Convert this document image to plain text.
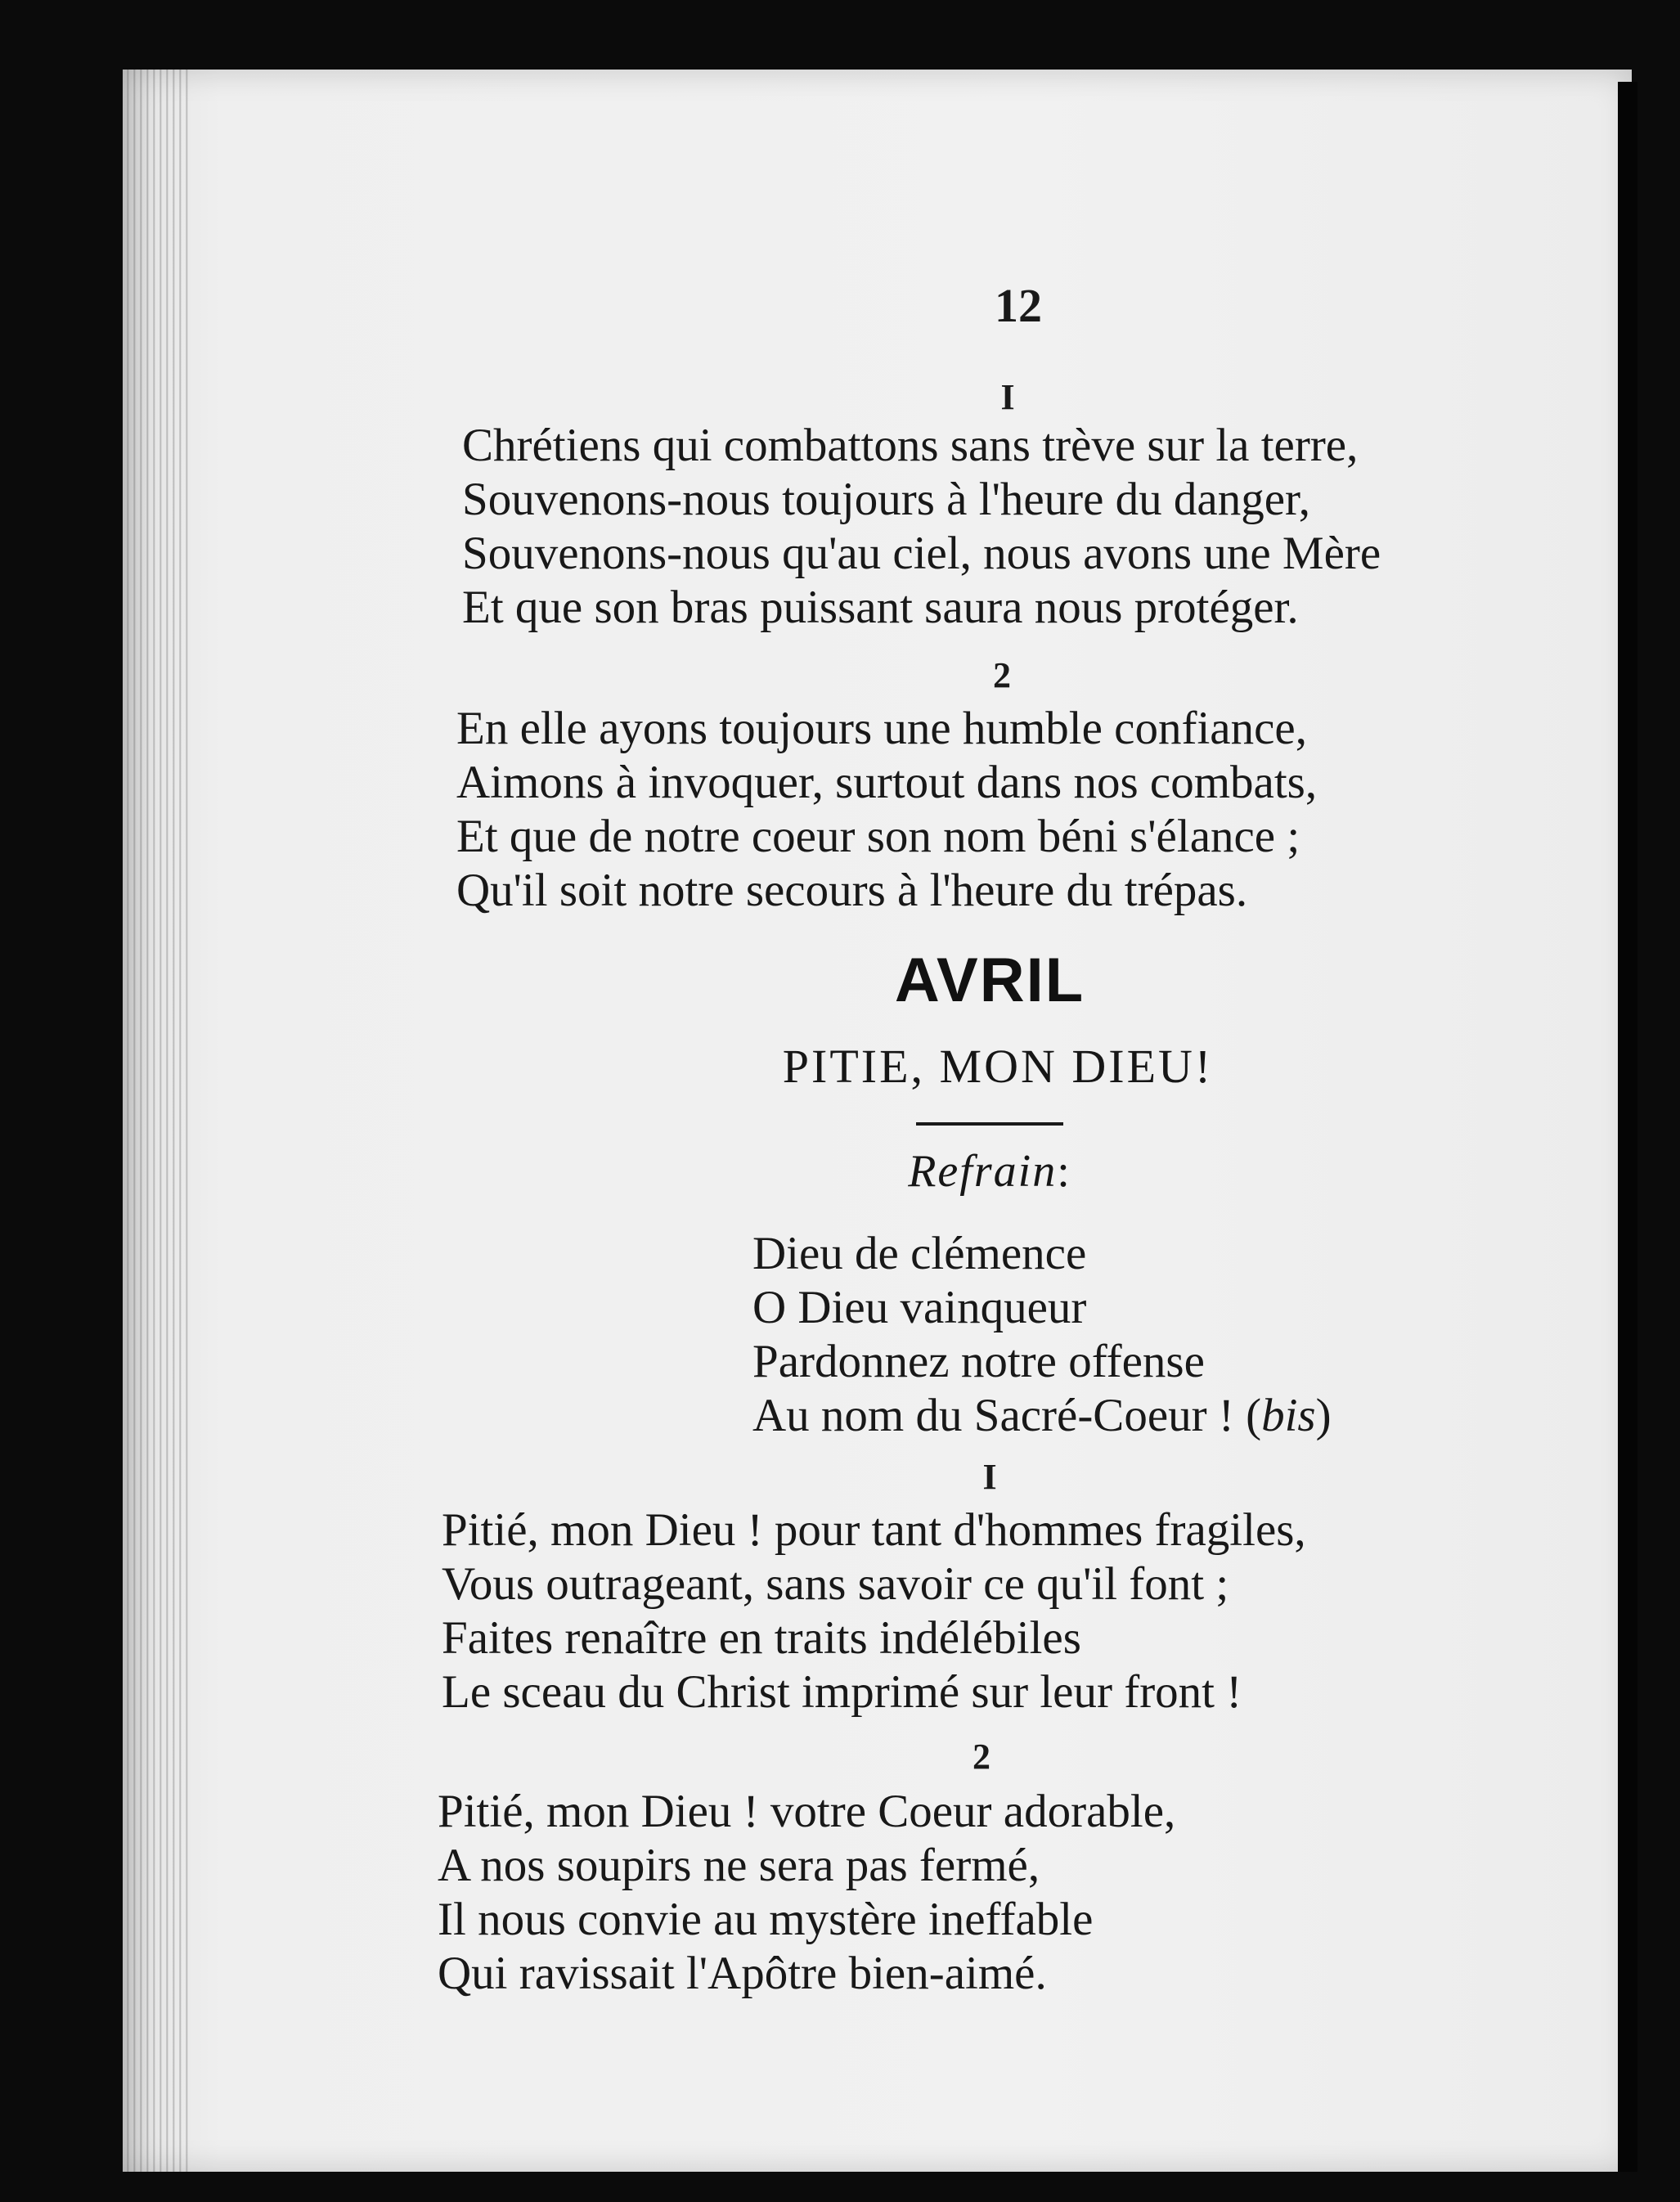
12
I
Chrétiens qui combattons sans trève sur la terre,
Souvenons-nous toujours à l'heure du danger,
Souvenons-nous qu'au ciel, nous avons une Mère
Et que son bras puissant saura nous protéger.
2
En elle ayons toujours une humble confiance,
Aimons à invoquer, surtout dans nos combats,
Et que de notre coeur son nom béni s'élance ;
Qu'il soit notre secours à l'heure du trépas.
AVRIL
PITIE, MON DIEU!
Refrain:
Dieu de clémence
O Dieu vainqueur
Pardonnez notre offense
Au nom du Sacré-Coeur ! (bis)
I
Pitié, mon Dieu ! pour tant d'hommes fragiles,
Vous outrageant, sans savoir ce qu'il font ;
Faites renaître en traits indélébiles
Le sceau du Christ imprimé sur leur front !
2
Pitié, mon Dieu ! votre Coeur adorable,
A nos soupirs ne sera pas fermé,
Il nous convie au mystère ineffable
Qui ravissait l'Apôtre bien-aimé.
